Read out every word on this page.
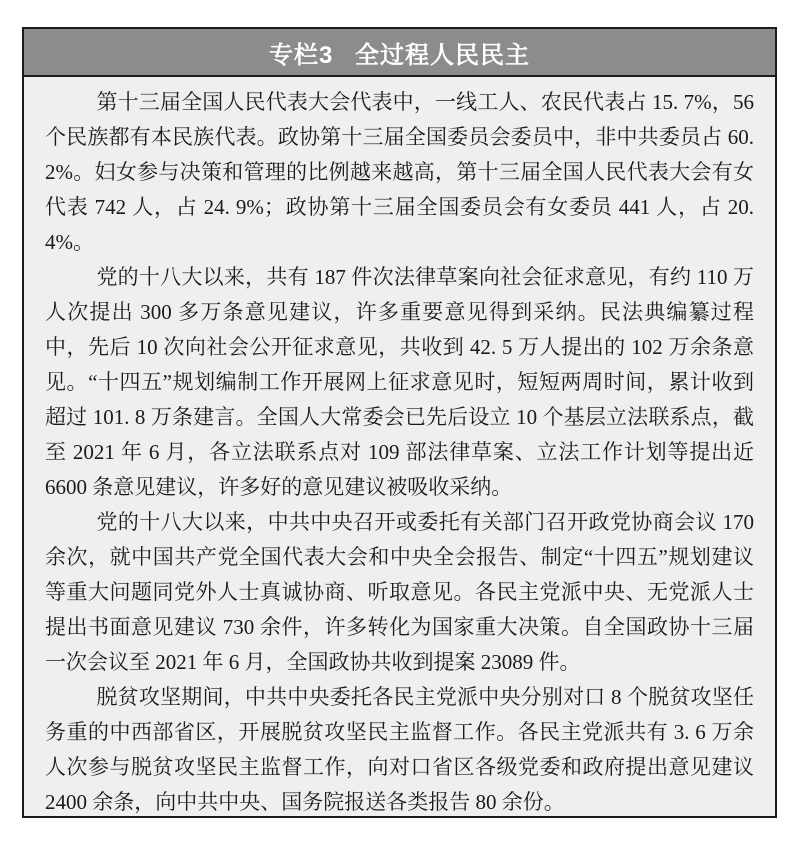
专栏3 全过程人民民主

第十三届全国人民代表大会代表中，一线工人、农民代表占 15. 7%，56 个民族都有本民族代表。政协第十三届全国委员会委员中，非中共委员占 60. 2%。妇女参与决策和管理的比例越来越高，第十三届全国人民代表大会有女代表 742 人，占 24. 9%；政协第十三届全国委员会有女委员 441 人，占 20. 4%。

党的十八大以来，共有 187 件次法律草案向社会征求意见，有约 110 万人次提出 300 多万条意见建议，许多重要意见得到采纳。民法典编纂过程中，先后 10 次向社会公开征求意见，共收到 42. 5 万人提出的 102 万余条意见。“十四五”规划编制工作开展网上征求意见时，短短两周时间，累计收到超过 101. 8 万条建言。全国人大常委会已先后设立 10 个基层立法联系点，截至 2021 年 6 月，各立法联系点对 109 部法律草案、立法工作计划等提出近 6600 条意见建议，许多好的意见建议被吸收采纳。

党的十八大以来，中共中央召开或委托有关部门召开政党协商会议 170 余次，就中国共产党全国代表大会和中央全会报告、制定“十四五”规划建议等重大问题同党外人士真诚协商、听取意见。各民主党派中央、无党派人士提出书面意见建议 730 余件，许多转化为国家重大决策。自全国政协十三届一次会议至 2021 年 6 月，全国政协共收到提案 23089 件。

脱贫攻坚期间，中共中央委托各民主党派中央分别对口 8 个脱贫攻坚任务重的中西部省区，开展脱贫攻坚民主监督工作。各民主党派共有 3. 6 万余人次参与脱贫攻坚民主监督工作，向对口省区各级党委和政府提出意见建议 2400 余条，向中共中央、国务院报送各类报告 80 余份。
